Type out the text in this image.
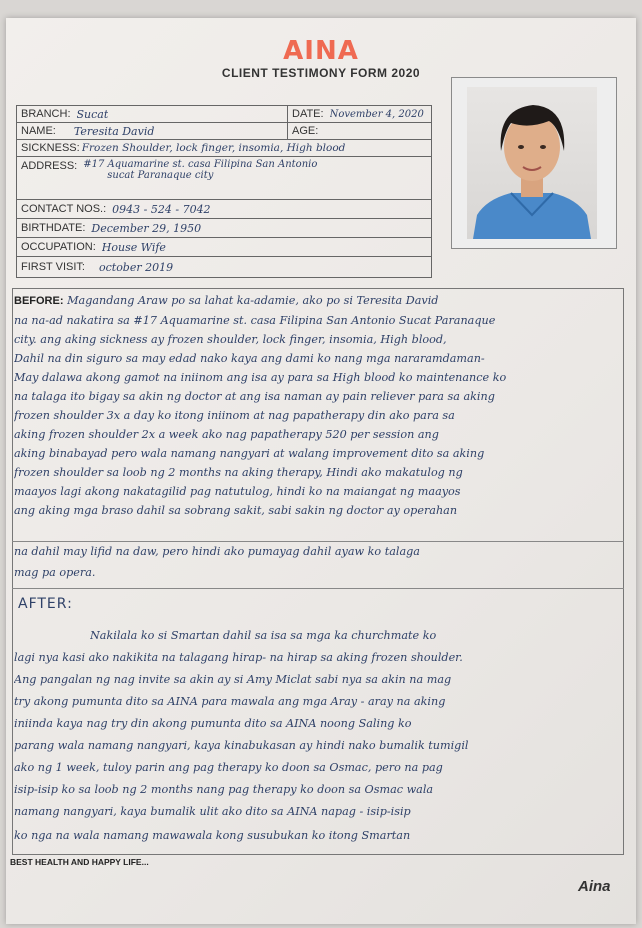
AINA
CLIENT TESTIMONY FORM 2020
BRANCH: Sucat	DATE: November 4, 2020
NAME: Teresita David	AGE:
SICKNESS: Frozen Shoulder, lock finger, insomia, High blood
ADDRESS: #17 Aquamarine st. casa Filipina San Antonio
sucat Paranaque city
CONTACT NOS.: 0943 - 524 - 7042
BIRTHDATE: December 29, 1950
OCCUPATION: House Wife
FIRST VISIT: october 2019
BEFORE: Magandang Araw po sa lahat ka-adamie, ako po si Teresita David
na na-ad nakatira sa #17 Aquamarine st. casa Filipina San Antonio Sucat Paranaque
city. ang aking sickness ay frozen shoulder, lock finger, insomia, High blood,
Dahil na din siguro sa may edad nako kaya ang dami ko nang mga nararamdaman-
May dalawa akong gamot na iniinom ang isa ay para sa High blood ko maintenance ko
na talaga ito bigay sa akin ng doctor at ang isa naman ay pain reliever para sa aking
frozen shoulder 3x a day ko itong iniinom at nag papatherapy din ako para sa
aking frozen shoulder 2x a week ako nag papatherapy 520 per session ang
aking binabayad pero wala namang nangyari at walang improvement dito sa aking
frozen shoulder sa loob ng 2 months na aking therapy, Hindi ako makatulog ng
maayos lagi akong nakatagilid pag natutulog, hindi ko na maiangat ng maayos
ang aking mga braso dahil sa sobrang sakit, sabi sakin ng doctor ay operahan
na dahil may lifid na daw, pero hindi ako pumayag dahil ayaw ko talaga
mag pa opera.
AFTER:
Nakilala ko si Smartan dahil sa isa sa mga ka churchmate ko
lagi nya kasi ako nakikita na talagang hirap- na hirap sa aking frozen shoulder.
Ang pangalan ng nag invite sa akin ay si Amy Miclat sabi nya sa akin na mag
try akong pumunta dito sa AINA para mawala ang mga Aray - aray na aking
iniinda kaya nag try din akong pumunta dito sa AINA noong Saling ko
parang wala namang nangyari, kaya kinabukasan ay hindi nako bumalik tumigil
ako ng 1 week, tuloy parin ang pag therapy ko doon sa Osmac, pero na pag
isip-isip ko sa loob ng 2 months nang pag therapy ko doon sa Osmac wala
namang nangyari, kaya bumalik ulit ako dito sa AINA napag - isip-isip
ko nga na wala namang mawawala kong susubukan ko itong Smartan
BEST HEALTH AND HAPPY LIFE...
Aina
